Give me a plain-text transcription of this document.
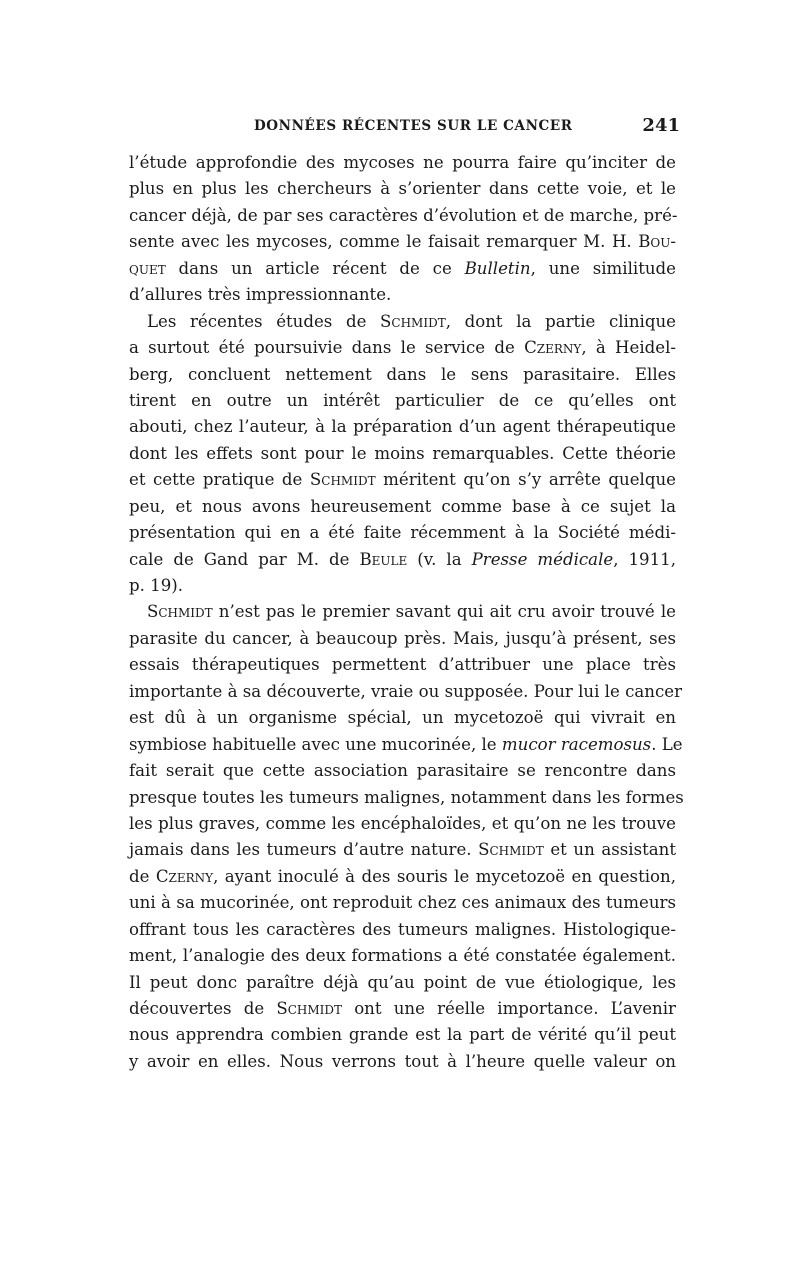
DONNÉES RÉCENTES SUR LE CANCER	241
l’étude approfondie des mycoses ne pourra faire qu’inciter de
plus en plus les chercheurs à s’orienter dans cette voie, et le
cancer déjà, de par ses caractères d’évolution et de marche, pré-
sente avec les mycoses, comme le faisait remarquer M. H. Bou-
quet dans un article récent de ce Bulletin, une similitude
d’allures très impressionnante.
Les récentes études de Schmidt, dont la partie clinique
a surtout été poursuivie dans le service de Czerny, à Heidel-
berg, concluent nettement dans le sens parasitaire. Elles
tirent en outre un intérêt particulier de ce qu’elles ont
abouti, chez l’auteur, à la préparation d’un agent thérapeutique
dont les effets sont pour le moins remarquables. Cette théorie
et cette pratique de Schmidt méritent qu’on s’y arrête quelque
peu, et nous avons heureusement comme base à ce sujet la
présentation qui en a été faite récemment à la Société médi-
cale de Gand par M. de Beule (v. la Presse médicale, 1911,
p. 19).
Schmidt n’est pas le premier savant qui ait cru avoir trouvé le
parasite du cancer, à beaucoup près. Mais, jusqu’à présent, ses
essais thérapeutiques permettent d’attribuer une place très
importante à sa découverte, vraie ou supposée. Pour lui le cancer
est dû à un organisme spécial, un mycetozoë qui vivrait en
symbiose habituelle avec une mucorinée, le mucor racemosus. Le
fait serait que cette association parasitaire se rencontre dans
presque toutes les tumeurs malignes, notamment dans les formes
les plus graves, comme les encéphaloïdes, et qu’on ne les trouve
jamais dans les tumeurs d’autre nature. Schmidt et un assistant
de Czerny, ayant inoculé à des souris le mycetozoë en question,
uni à sa mucorinée, ont reproduit chez ces animaux des tumeurs
offrant tous les caractères des tumeurs malignes. Histologique-
ment, l’analogie des deux formations a été constatée également.
Il peut donc paraître déjà qu’au point de vue étiologique, les
découvertes de Schmidt ont une réelle importance. L’avenir
nous apprendra combien grande est la part de vérité qu’il peut
y avoir en elles. Nous verrons tout à l’heure quelle valeur on
